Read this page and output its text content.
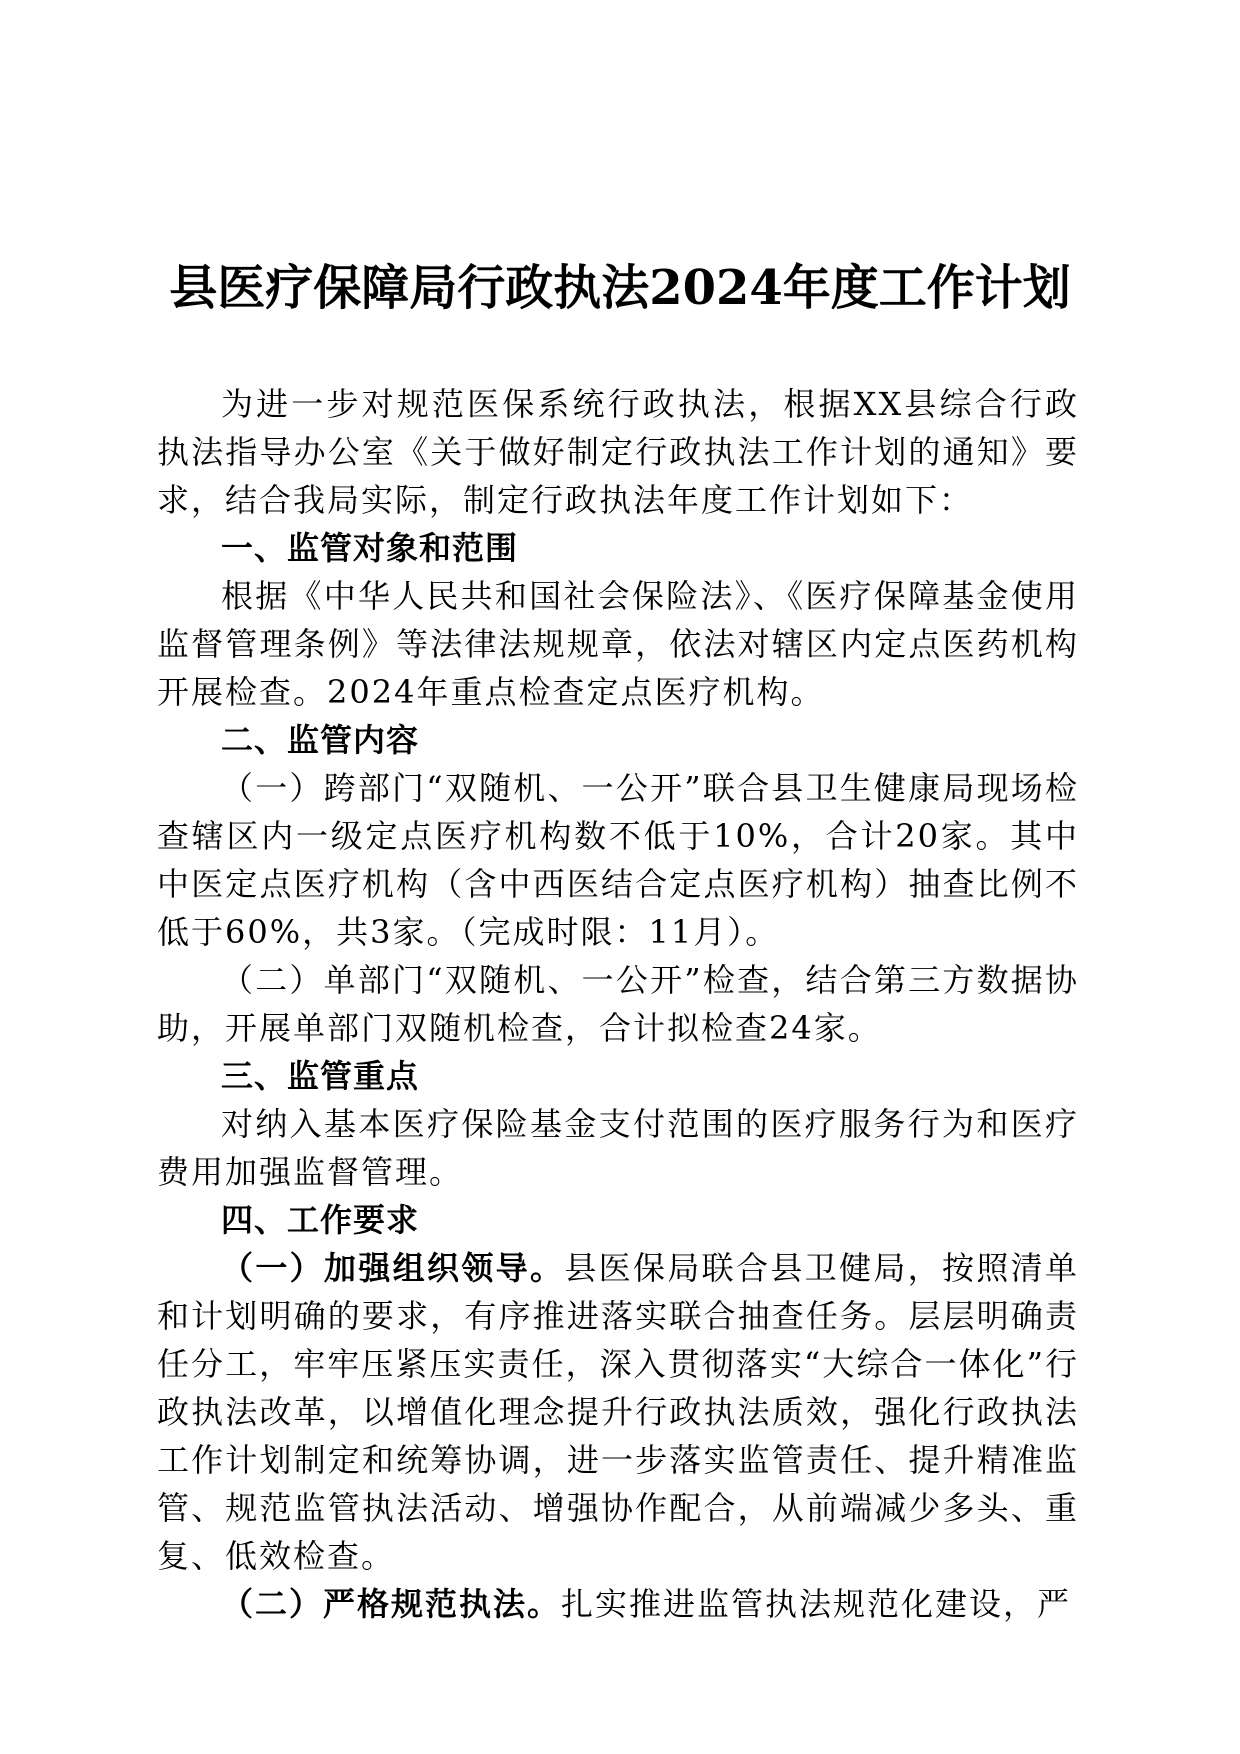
县医疗保障局行政执法2024年度工作计划

为进一步对规范医保系统行政执法，根据XX县综合行政执法指导办公室《关于做好制定行政执法工作计划的通知》要求，结合我局实际，制定行政执法年度工作计划如下：

一、监管对象和范围

根据《中华人民共和国社会保险法》、《医疗保障基金使用监督管理条例》等法律法规规章，依法对辖区内定点医药机构开展检查。2024年重点检查定点医疗机构。

二、监管内容

（一）跨部门“双随机、一公开”联合县卫生健康局现场检查辖区内一级定点医疗机构数不低于10%，合计20家。其中中医定点医疗机构（含中西医结合定点医疗机构）抽查比例不低于60%，共3家。（完成时限：11月）。

（二）单部门“双随机、一公开”检查，结合第三方数据协助，开展单部门双随机检查，合计拟检查24家。

三、监管重点

对纳入基本医疗保险基金支付范围的医疗服务行为和医疗费用加强监督管理。

四、工作要求

（一）加强组织领导。县医保局联合县卫健局，按照清单和计划明确的要求，有序推进落实联合抽查任务。层层明确责任分工，牢牢压紧压实责任，深入贯彻落实“大综合一体化”行政执法改革，以增值化理念提升行政执法质效，强化行政执法工作计划制定和统筹协调，进一步落实监管责任、提升精准监管、规范监管执法活动、增强协作配合，从前端减少多头、重复、低效检查。

（二）严格规范执法。扎实推进监管执法规范化建设，严
